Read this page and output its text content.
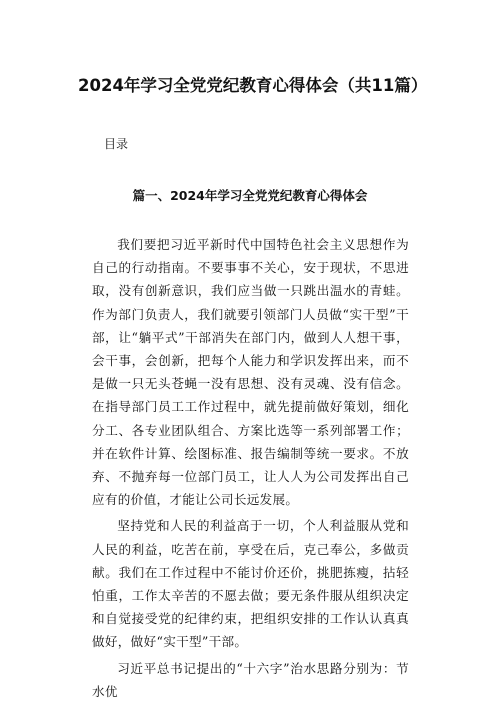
2024年学习全党党纪教育心得体会（共11篇）

目录

篇一、2024年学习全党党纪教育心得体会

我们要把习近平新时代中国特色社会主义思想作为自己的行动指南。不要事事不关心，安于现状，不思进取，没有创新意识，我们应当做一只跳出温水的青蛙。作为部门负责人，我们就要引领部门人员做“实干型”干部，让“躺平式”干部消失在部门内，做到人人想干事，会干事，会创新，把每个人能力和学识发挥出来，而不是做一只无头苍蝇一没有思想、没有灵魂、没有信念。在指导部门员工工作过程中，就先提前做好策划，细化分工、各专业团队组合、方案比选等一系列部署工作；并在软件计算、绘图标准、报告编制等统一要求。不放弃、不抛弃每一位部门员工，让人人为公司发挥出自己应有的价值，才能让公司长远发展。

坚持党和人民的利益高于一切，个人利益服从党和人民的利益，吃苦在前，享受在后，克己奉公，多做贡献。我们在工作过程中不能讨价还价，挑肥拣瘦，拈轻怕重，工作太辛苦的不愿去做；要无条件服从组织决定和自觉接受党的纪律约束，把组织安排的工作认认真真做好，做好“实干型”干部。

习近平总书记提出的“十六字”治水思路分别为：节水优
